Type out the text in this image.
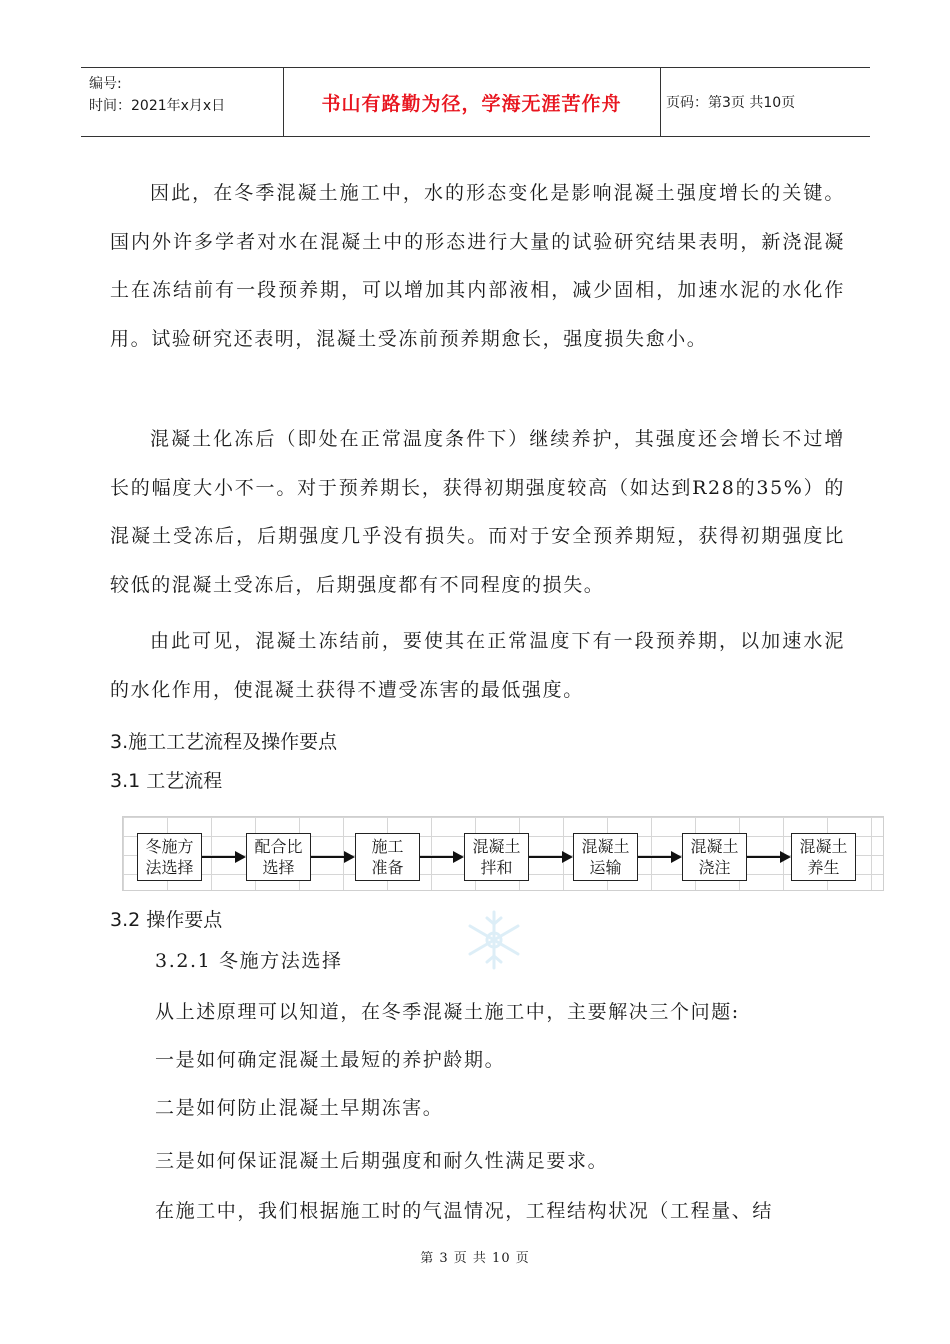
编号:
时间：2021年x月x日	书山有路勤为径，学海无涯苦作舟	页码：第3页 共10页

因此，在冬季混凝土施工中，水的形态变化是影响混凝土强度增长的关键。国内外许多学者对水在混凝土中的形态进行大量的试验研究结果表明，新浇混凝土在冻结前有一段预养期，可以增加其内部液相，减少固相，加速水泥的水化作用。试验研究还表明，混凝土受冻前预养期愈长，强度损失愈小。

混凝土化冻后（即处在正常温度条件下）继续养护，其强度还会增长不过增长的幅度大小不一。对于预养期长，获得初期强度较高（如达到R28的35%）的混凝土受冻后，后期强度几乎没有损失。而对于安全预养期短，获得初期强度比较低的混凝土受冻后，后期强度都有不同程度的损失。

由此可见，混凝土冻结前，要使其在正常温度下有一段预养期，以加速水泥的水化作用，使混凝土获得不遭受冻害的最低强度。

3.施工工艺流程及操作要点
3.1 工艺流程
冬施方
法选择
配合比
选择
施工
准备
混凝土
拌和
混凝土
运输
混凝土
浇注
混凝土
养生
3.2 操作要点
3.2.1 冬施方法选择
从上述原理可以知道，在冬季混凝土施工中，主要解决三个问题:
一是如何确定混凝土最短的养护龄期。
二是如何防止混凝土早期冻害。
三是如何保证混凝土后期强度和耐久性满足要求。
在施工中，我们根据施工时的气温情况，工程结构状况（工程量、结
第 3 页 共 10 页
